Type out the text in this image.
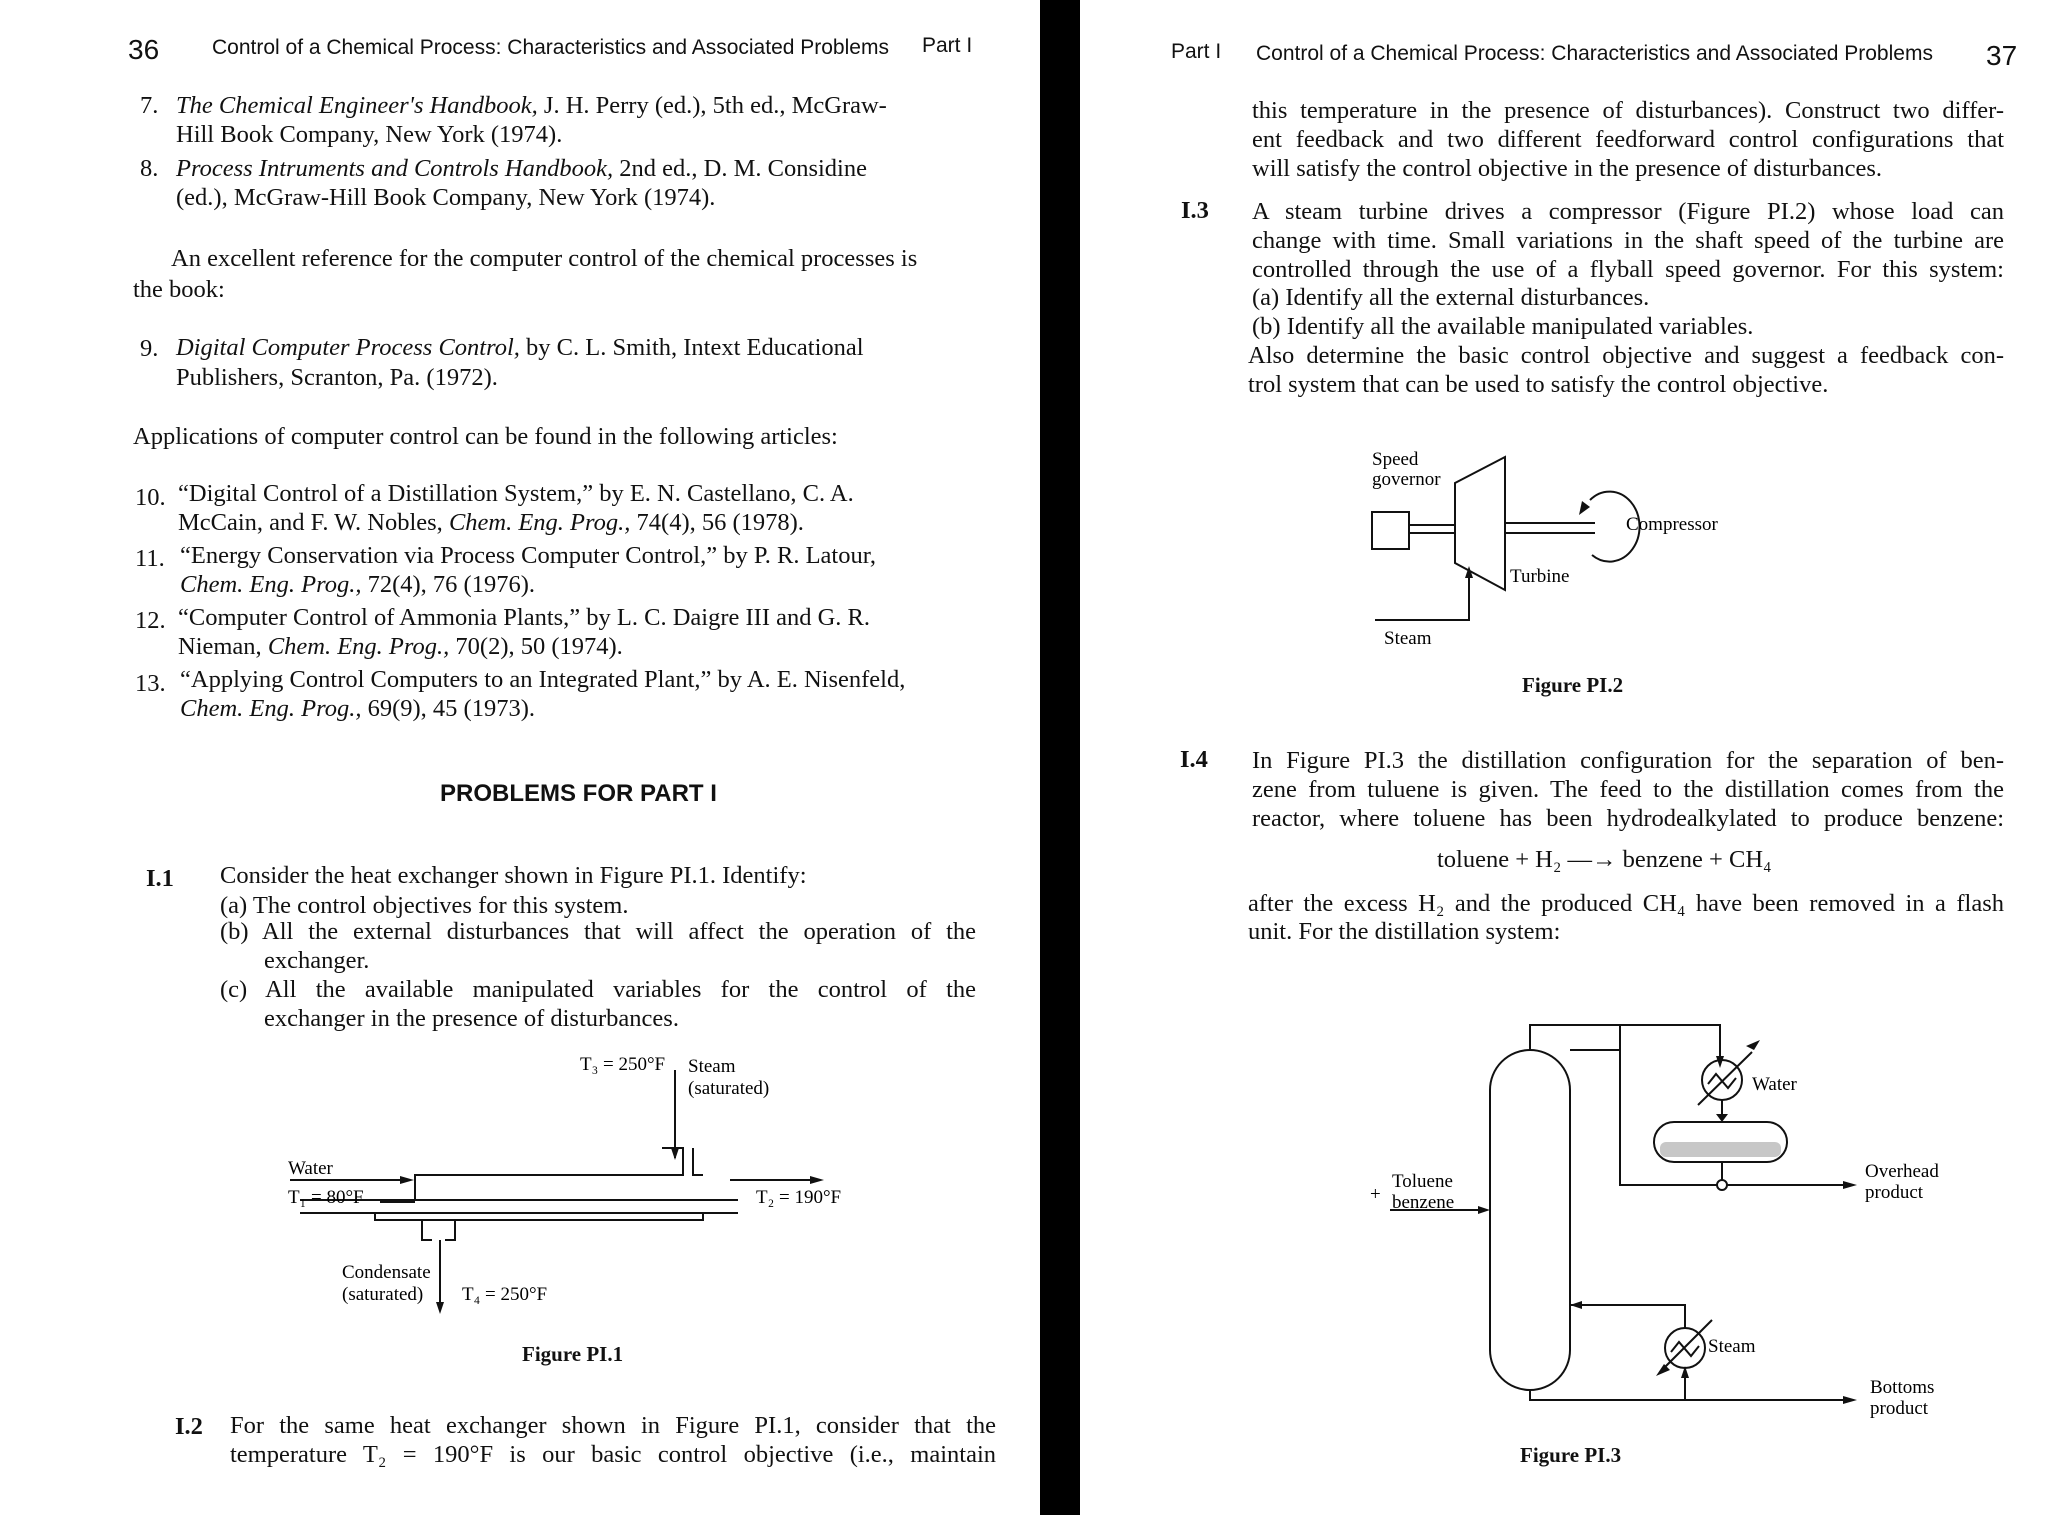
36	Control of a Chemical Process: Characteristics and Associated Problems Part I
7. The Chemical Engineer's Handbook, J. H. Perry (ed.), 5th ed., McGraw-
Hill Book Company, New York (1974).
8. Process Intruments and Controls Handbook, 2nd ed., D. M. Considine
(ed.), McGraw-Hill Book Company, New York (1974).
An excellent reference for the computer control of the chemical processes is
the book:
9. Digital Computer Process Control, by C. L. Smith, Intext Educational
Publishers, Scranton, Pa. (1972).
Applications of computer control can be found in the following articles:
10. “Digital Control of a Distillation System,” by E. N. Castellano, C. A.
McCain, and F. W. Nobles, Chem. Eng. Prog., 74(4), 56 (1978).
11. “Energy Conservation via Process Computer Control,” by P. R. Latour,
Chem. Eng. Prog., 72(4), 76 (1976).
12. “Computer Control of Ammonia Plants,” by L. C. Daigre III and G. R.
Nieman, Chem. Eng. Prog., 70(2), 50 (1974).
13. “Applying Control Computers to an Integrated Plant,” by A. E. Nisenfeld,
Chem. Eng. Prog., 69(9), 45 (1973).
PROBLEMS FOR PART I
I.1 Consider the heat exchanger shown in Figure PI.1. Identify:
(a) The control objectives for this system.
(b) All the external disturbances that will affect the operation of the
exchanger.
(c) All the available manipulated variables for the control of the
exchanger in the presence of disturbances.
T₃ = 250°F Steam
(saturated)
Water
T₁ = 80°F	T₂ = 190°F
Condensate
(saturated) T₄ = 250°F
Figure PI.1
I.2 For the same heat exchanger shown in Figure PI.1, consider that the
temperature T₂ = 190°F is our basic control objective (i.e., maintain
Part I Control of a Chemical Process: Characteristics and Associated Problems 37
this temperature in the presence of disturbances). Construct two differ-
ent feedback and two different feedforward control configurations that
will satisfy the control objective in the presence of disturbances.
I.3 A steam turbine drives a compressor (Figure PI.2) whose load can
change with time. Small variations in the shaft speed of the turbine are
controlled through the use of a flyball speed governor. For this system:
(a) Identify all the external disturbances.
(b) Identify all the available manipulated variables.
Also determine the basic control objective and suggest a feedback con-
trol system that can be used to satisfy the control objective.
Speed
governor
Compressor
Turbine
Steam
Figure PI.2
I.4 In Figure PI.3 the distillation configuration for the separation of ben-
zene from tuluene is given. The feed to the distillation comes from the
reactor, where toluene has been hydrodealkylated to produce benzene:
toluene + H₂ —→ benzene + CH₄
after the excess H₂ and the produced CH₄ have been removed in a flash
unit. For the distillation system:
+
Toluene
benzene
Water
Overhead
product
Steam
Bottoms
product
Figure PI.3
